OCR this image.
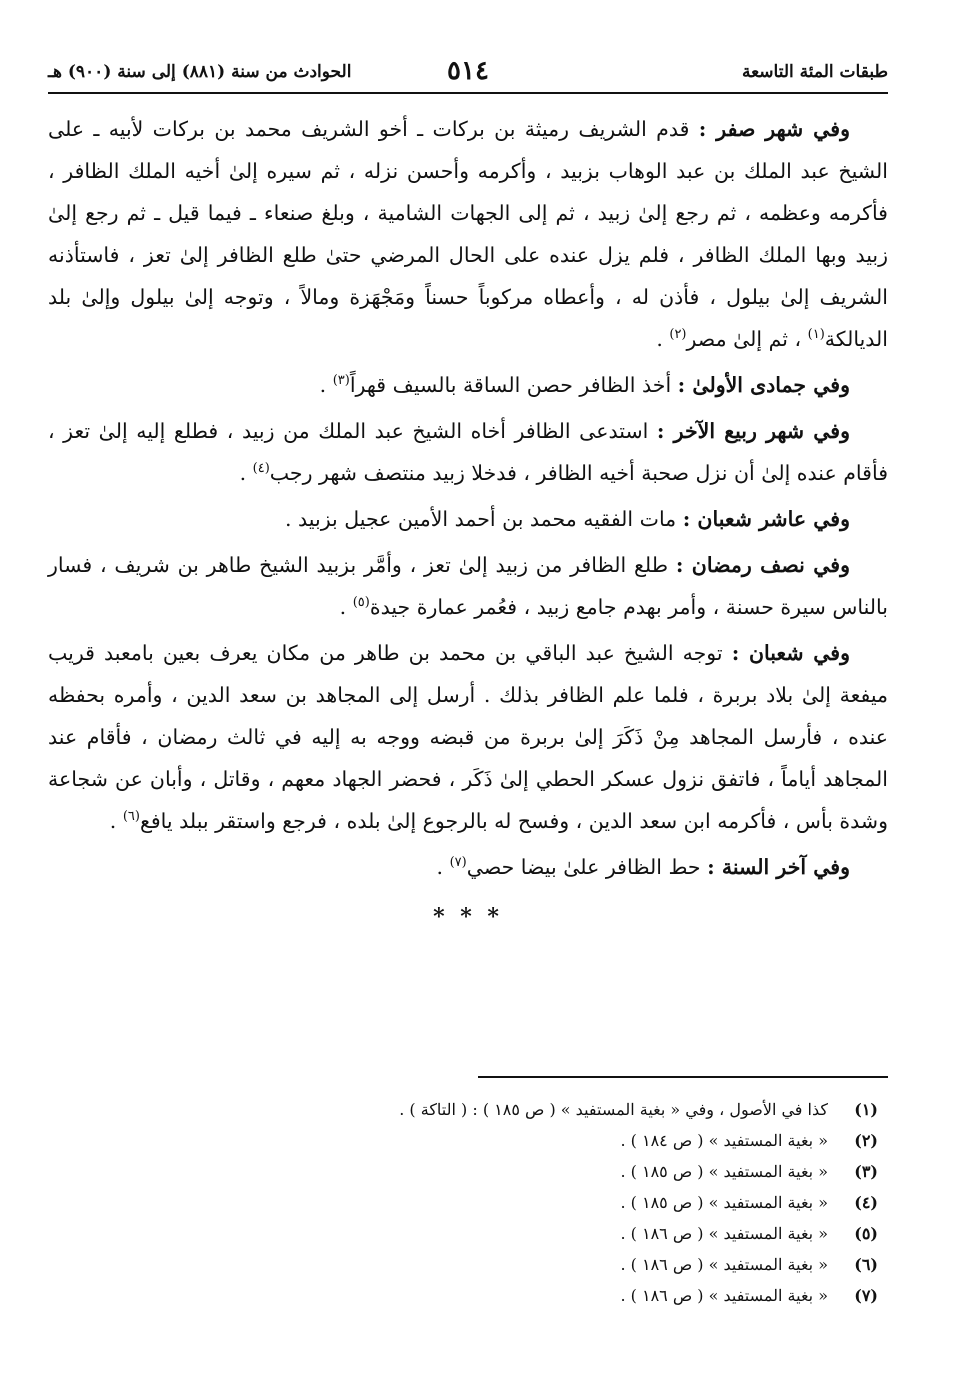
طبقات المئة التاسعة
٥١٤
الحوادث من سنة (٨٨١) إلى سنة (٩٠٠) هـ

وفي شهر صفر : قدم الشريف رميثة بن بركات ـ أخو الشريف محمد بن بركات لأبيه ـ على الشيخ عبد الملك بن عبد الوهاب بزبيد ، وأكرمه وأحسن نزله ، ثم سيره إلىٰ أخيه الملك الظافر ، فأكرمه وعظمه ، ثم رجع إلىٰ زبيد ، ثم إلى الجهات الشامية ، وبلغ صنعاء ـ فيما قيل ـ ثم رجع إلىٰ زبيد وبها الملك الظافر ، فلم يزل عنده على الحال المرضي حتىٰ طلع الظافر إلىٰ تعز ، فاستأذنه الشريف إلىٰ بيلول ، فأذن له ، وأعطاه مركوباً حسناً ومَجْهَزة ومالاً ، وتوجه إلىٰ بيلول وإلىٰ بلد الديالكة$^{(١)}$ ، ثم إلىٰ مصر$^{(٢)}$ .

وفي جمادى الأولىٰ : أخذ الظافر حصن الساقة بالسيف قهراً$^{(٣)}$ .

وفي شهر ربيع الآخر : استدعى الظافر أخاه الشيخ عبد الملك من زبيد ، فطلع إليه إلىٰ تعز ، فأقام عنده إلىٰ أن نزل صحبة أخيه الظافر ، فدخلا زبيد منتصف شهر رجب$^{(٤)}$ .

وفي عاشر شعبان : مات الفقيه محمد بن أحمد الأمين عجيل بزبيد .

وفي نصف رمضان : طلع الظافر من زبيد إلىٰ تعز ، وأمَّر بزبيد الشيخ طاهر بن شريف ، فسار بالناس سيرة حسنة ، وأمر بهدم جامع زبيد ، فعُمر عمارة جيدة$^{(٥)}$ .

وفي شعبان : توجه الشيخ عبد الباقي بن محمد بن طاهر من مكان يعرف بعين بامعبد قريب ميفعة إلىٰ بلاد بربرة ، فلما علم الظافر بذلك . أرسل إلى المجاهد بن سعد الدين ، وأمره بحفظه عنده ، فأرسل المجاهد مِنْ ذَكَرَ إلىٰ بربرة من قبضه ووجه به إليه في ثالث رمضان ، فأقام عند المجاهد أياماً ، فاتفق نزول عسكر الحطي إلىٰ ذَكَر ، فحضر الجهاد معهم ، وقاتل ، وأبان عن شجاعة وشدة بأس ، فأكرمه ابن سعد الدين ، وفسح له بالرجوع إلىٰ بلده ، فرجع واستقر ببلد يافع$^{(٦)}$ .

وفي آخر السنة : حط الظافر علىٰ بيضا حصي$^{(٧)}$ .

* * *
(١)
كذا في الأصول ، وفي « بغية المستفيد » ( ص ١٨٥ ) : ( التاكة ) .
(٢)
« بغية المستفيد » ( ص ١٨٤ ) .
(٣)
« بغية المستفيد » ( ص ١٨٥ ) .
(٤)
« بغية المستفيد » ( ص ١٨٥ ) .
(٥)
« بغية المستفيد » ( ص ١٨٦ ) .
(٦)
« بغية المستفيد » ( ص ١٨٦ ) .
(٧)
« بغية المستفيد » ( ص ١٨٦ ) .
